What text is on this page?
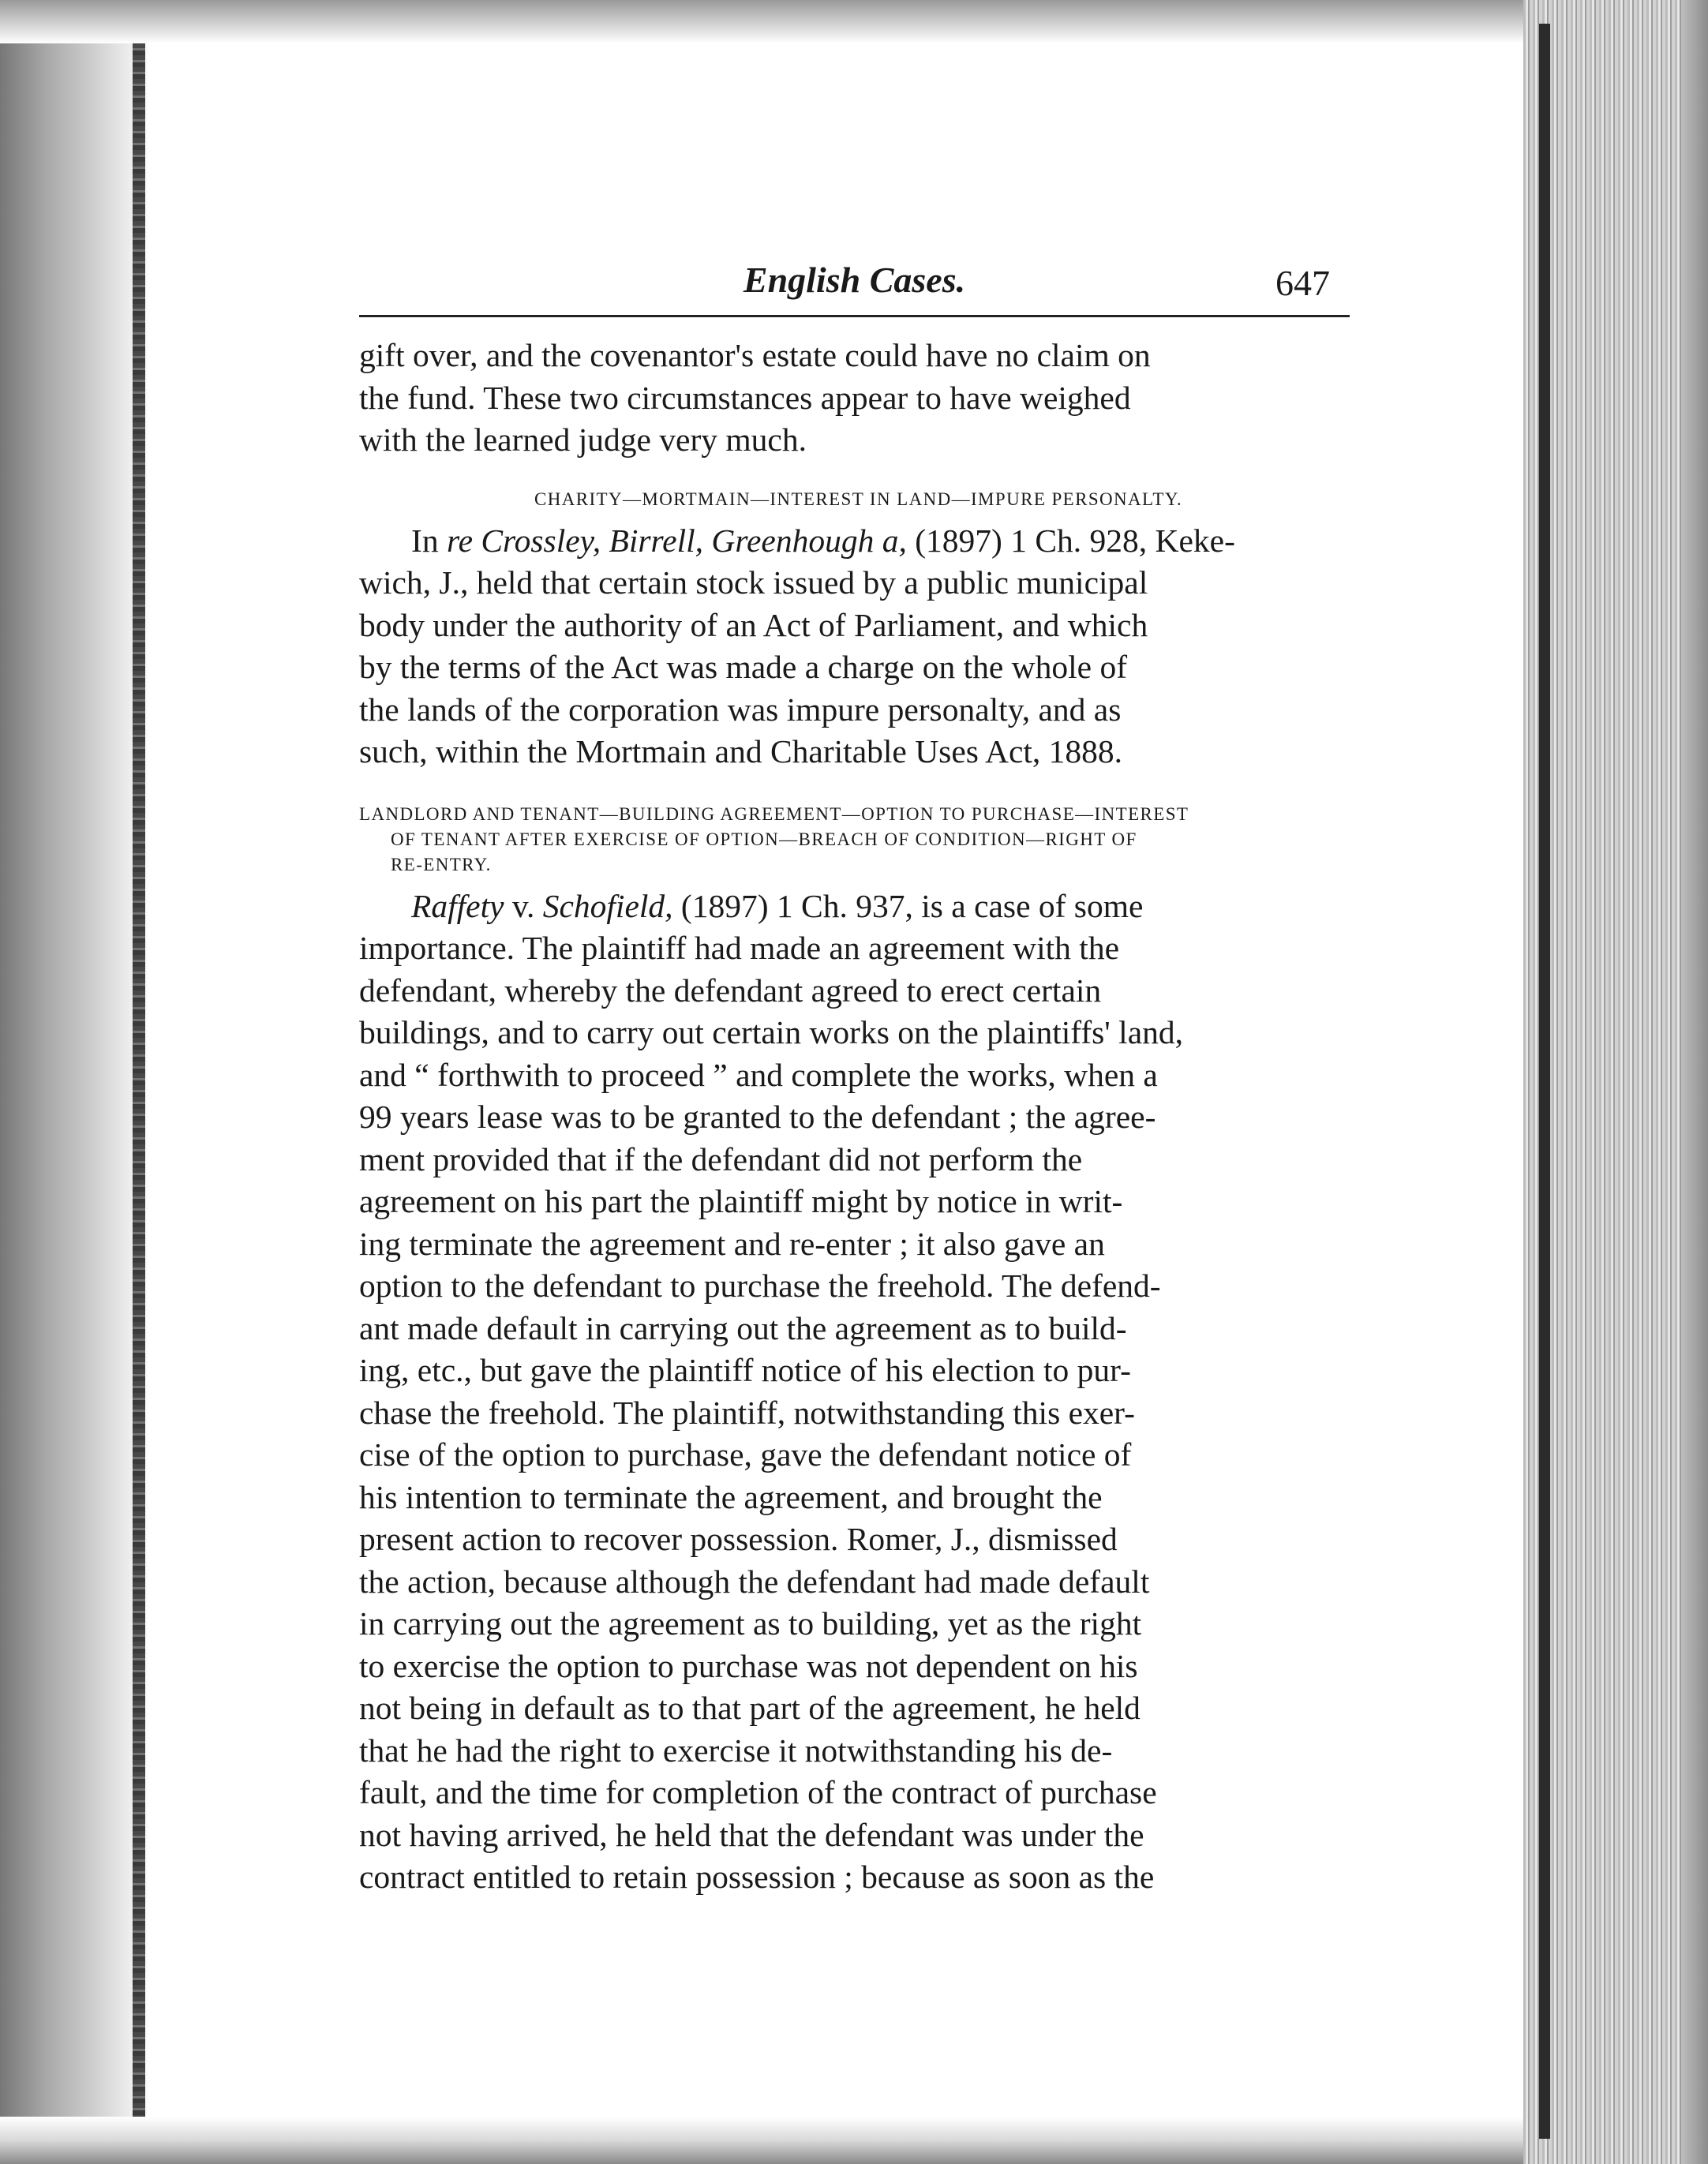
English Cases.	647

gift over, and the covenantor's estate could have no claim on
the fund. These two circumstances appear to have weighed
with the learned judge very much.

CHARITY—MORTMAIN—INTEREST IN LAND—IMPURE PERSONALTY.

In re Crossley, Birrell, Greenhough a, (1897) 1 Ch. 928, Keke-
wich, J., held that certain stock issued by a public municipal
body under the authority of an Act of Parliament, and which
by the terms of the Act was made a charge on the whole of
the lands of the corporation was impure personalty, and as
such, within the Mortmain and Charitable Uses Act, 1888.

LANDLORD AND TENANT—BUILDING AGREEMENT—OPTION TO PURCHASE—INTEREST
OF TENANT AFTER EXERCISE OF OPTION—BREACH OF CONDITION—RIGHT OF
RE-ENTRY.

Raffety v. Schofield, (1897) 1 Ch. 937, is a case of some
importance. The plaintiff had made an agreement with the
defendant, whereby the defendant agreed to erect certain
buildings, and to carry out certain works on the plaintiffs' land,
and “ forthwith to proceed ” and complete the works, when a
99 years lease was to be granted to the defendant ; the agree-
ment provided that if the defendant did not perform the
agreement on his part the plaintiff might by notice in writ-
ing terminate the agreement and re-enter ; it also gave an
option to the defendant to purchase the freehold. The defend-
ant made default in carrying out the agreement as to build-
ing, etc., but gave the plaintiff notice of his election to pur-
chase the freehold. The plaintiff, notwithstanding this exer-
cise of the option to purchase, gave the defendant notice of
his intention to terminate the agreement, and brought the
present action to recover possession. Romer, J., dismissed
the action, because although the defendant had made default
in carrying out the agreement as to building, yet as the right
to exercise the option to purchase was not dependent on his
not being in default as to that part of the agreement, he held
that he had the right to exercise it notwithstanding his de-
fault, and the time for completion of the contract of purchase
not having arrived, he held that the defendant was under the
contract entitled to retain possession ; because as soon as the
